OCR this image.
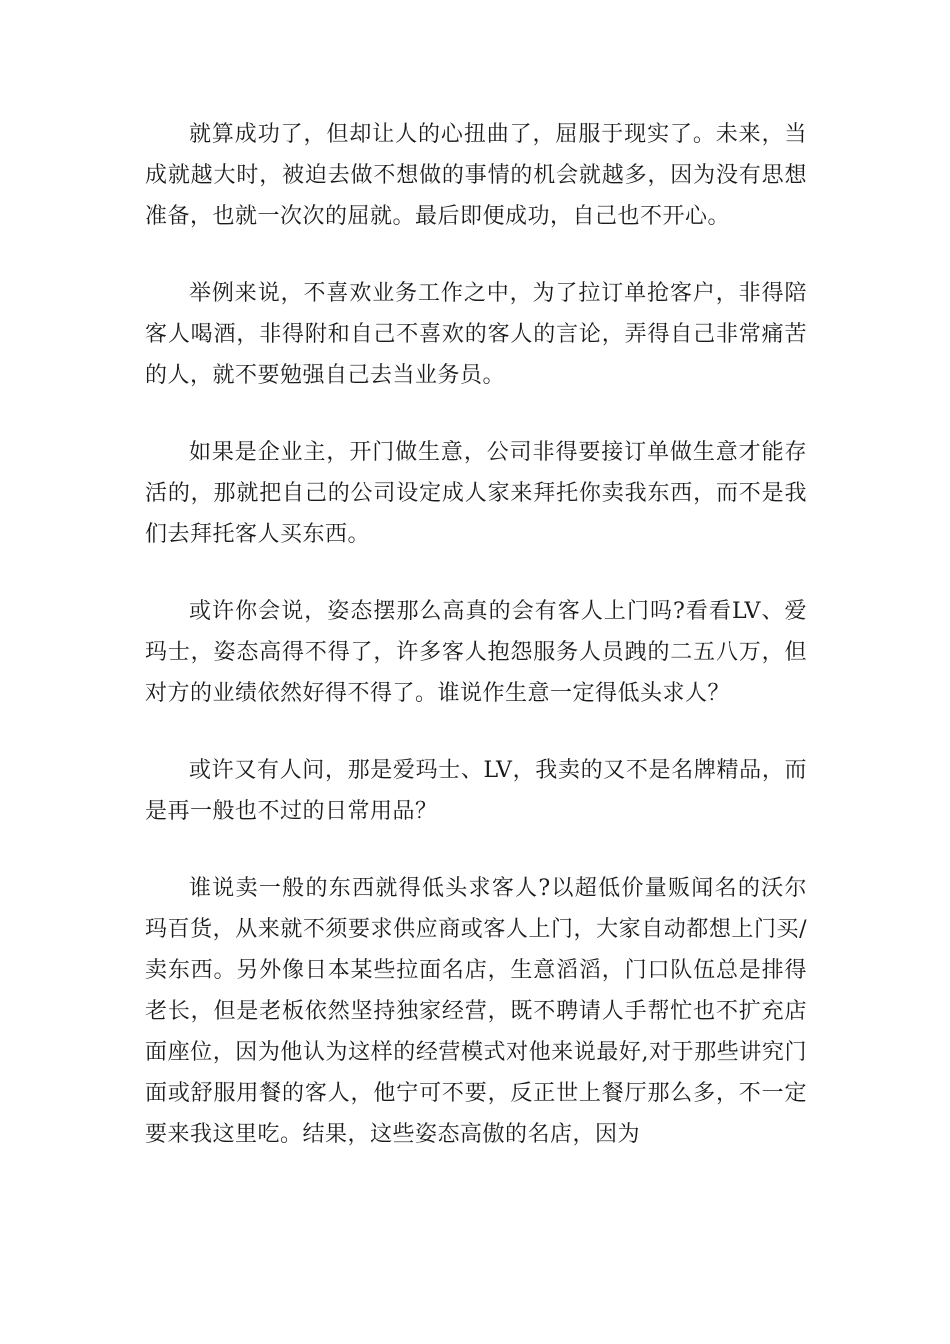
就算成功了，但却让人的心扭曲了，屈服于现实了。未来，当成就越大时，被迫去做不想做的事情的机会就越多，因为没有思想准备，也就一次次的屈就。最后即便成功，自己也不开心。

举例来说，不喜欢业务工作之中，为了拉订单抢客户，非得陪客人喝酒，非得附和自己不喜欢的客人的言论，弄得自己非常痛苦的人，就不要勉强自己去当业务员。

如果是企业主，开门做生意，公司非得要接订单做生意才能存活的，那就把自己的公司设定成人家来拜托你卖我东西，而不是我们去拜托客人买东西。

或许你会说，姿态摆那么高真的会有客人上门吗?看看LV、爱玛士，姿态高得不得了，许多客人抱怨服务人员跩的二五八万，但对方的业绩依然好得不得了。谁说作生意一定得低头求人？

或许又有人问，那是爱玛士、LV，我卖的又不是名牌精品，而是再一般也不过的日常用品？

谁说卖一般的东西就得低头求客人?以超低价量贩闻名的沃尔玛百货，从来就不须要求供应商或客人上门，大家自动都想上门买/卖东西。另外像日本某些拉面名店，生意滔滔，门口队伍总是排得老长，但是老板依然坚持独家经营，既不聘请人手帮忙也不扩充店面座位，因为他认为这样的经营模式对他来说最好,对于那些讲究门面或舒服用餐的客人，他宁可不要，反正世上餐厅那么多，不一定要来我这里吃。结果，这些姿态高傲的名店，因为
